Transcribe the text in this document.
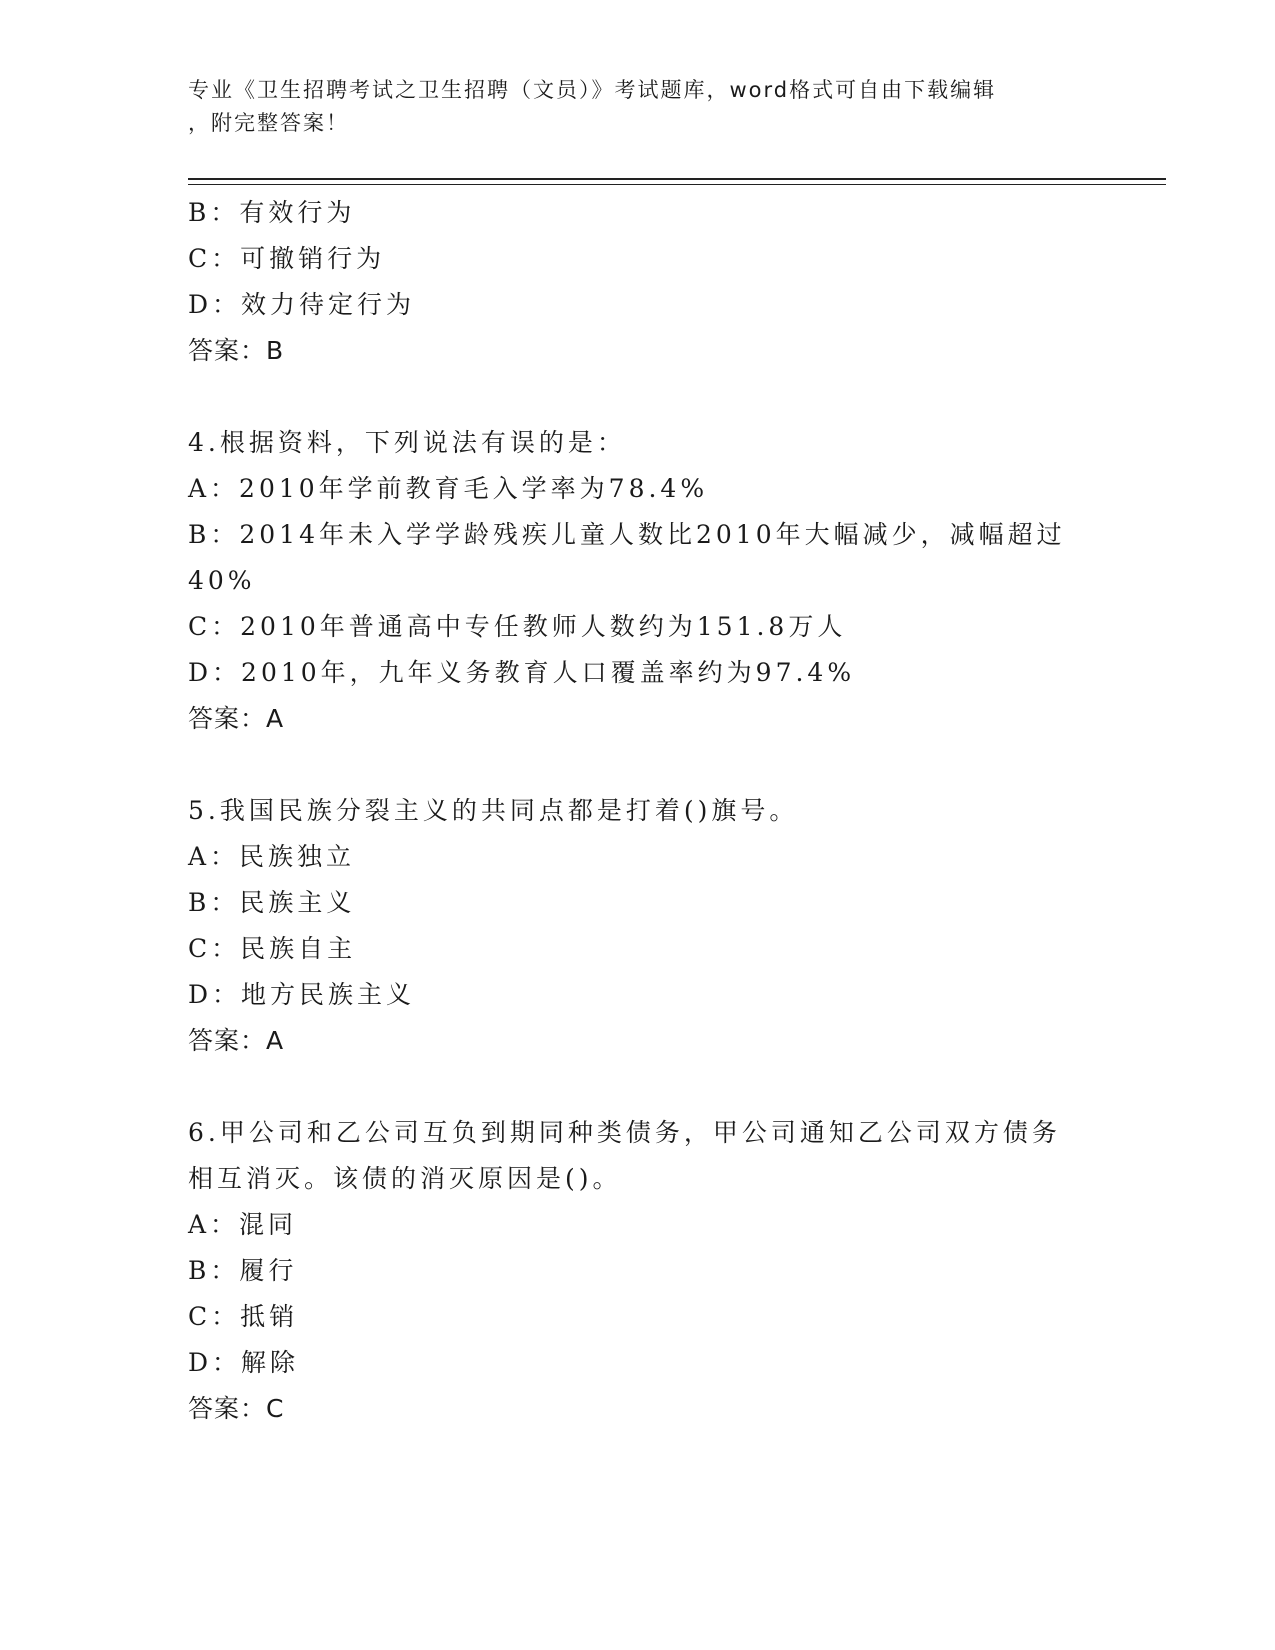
专业《卫生招聘考试之卫生招聘（文员）》考试题库，word格式可自由下载编辑
，附完整答案！
B：有效行为
C：可撤销行为
D：效力待定行为
答案：B
4.根据资料，下列说法有误的是：
A：2010年学前教育毛入学率为78.4%
B：2014年未入学学龄残疾儿童人数比2010年大幅减少，减幅超过
40%
C：2010年普通高中专任教师人数约为151.8万人
D：2010年，九年义务教育人口覆盖率约为97.4%
答案：A
5.我国民族分裂主义的共同点都是打着()旗号。
A：民族独立
B：民族主义
C：民族自主
D：地方民族主义
答案：A
6.甲公司和乙公司互负到期同种类债务，甲公司通知乙公司双方债务
相互消灭。该债的消灭原因是()。
A：混同
B：履行
C：抵销
D：解除
答案：C
